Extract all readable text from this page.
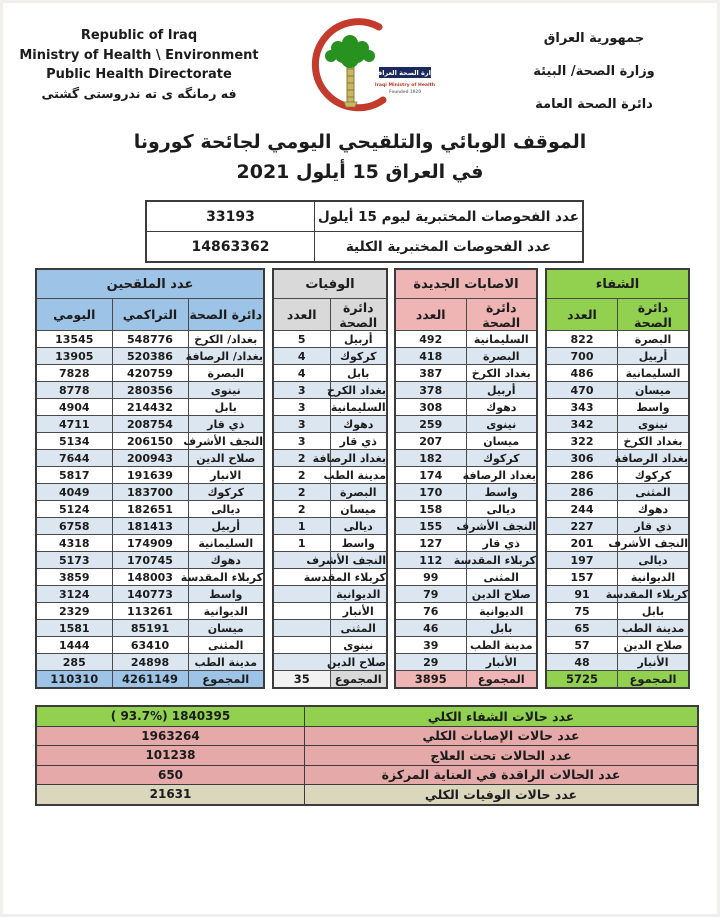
Republic of Iraq
Ministry of Health \ Environment
Public Health Directorate
فه رمانگه ى ته ندروستى گشتى
وزارة الصحة العراقية
Iraqi Ministry of Health
Founded 1920
جمهورية العراق
وزارة الصحة/ البيئة
دائرة الصحة العامة
الموقف الوبائي والتلقيحي اليومي لجائحة كورونا
في العراق 15 أيلول 2021
33193	عدد الفحوصات المختبرية ليوم 15 أيلول
14863362	عدد الفحوصات المختبرية الكلية
عدد الملقحين		
اليومي	التراكمي	دائرة الصحة
13545	548776	بغداد/ الكرخ
13905	520386	بغداد/ الرصافة
7828	420759	البصرة
8778	280356	نينوى
4904	214432	بابل
4711	208754	ذي قار
5134	206150	النجف الأشرف
7644	200943	صلاح الدين
5817	191639	الانبار
4049	183700	كركوك
5124	182651	ديالى
6758	181413	أربيل
4318	174909	السليمانية
5173	170745	دهوك
3859	148003	كربلاء المقدسة
3124	140773	واسط
2329	113261	الديوانية
1581	85191	ميسان
1444	63410	المثنى
285	24898	مدينة الطب
110310	4261149	المجموع
الوفيات	
العدد	دائرة الصحة
5	أربيل
4	كركوك
4	بابل
3	بغداد الكرخ
3	السليمانية
3	دهوك
3	ذي قار
2	بغداد الرصافة
2	مدينة الطب
2	البصرة
2	ميسان
1	ديالى
1	واسط
	النجف الأشرف
	كربلاء المقدسة
	الديوانية
	الأنبار
	المثنى
	نينوى
	صلاح الدين
35	المجموع
الاصابات الجديدة	
العدد	دائرة الصحة
492	السليمانية
418	البصرة
387	بغداد الكرخ
378	أربيل
308	دهوك
259	نينوى
207	ميسان
182	كركوك
174	بغداد الرصافة
170	واسط
158	ديالى
155	النجف الأشرف
127	ذي قار
112	كربلاء المقدسة
99	المثنى
79	صلاح الدين
76	الديوانية
46	بابل
39	مدينة الطب
29	الأنبار
3895	المجموع
الشفاء	
العدد	دائرة الصحة
822	البصرة
700	أربيل
486	السليمانية
470	ميسان
343	واسط
342	نينوى
322	بغداد الكرخ
306	بغداد الرصافة
286	كركوك
286	المثنى
244	دهوك
227	ذي قار
201	النجف الأشرف
197	ديالى
157	الديوانية
91	كربلاء المقدسة
75	بابل
65	مدينة الطب
57	صلاح الدين
48	الأنبار
5725	المجموع
( 93.7%) 1840395	عدد حالات الشفاء الكلي
1963264	عدد حالات الإصابات الكلي
101238	عدد الحالات تحت العلاج
650	عدد الحالات الراقدة في العناية المركزة
21631	عدد حالات الوفيات الكلي
